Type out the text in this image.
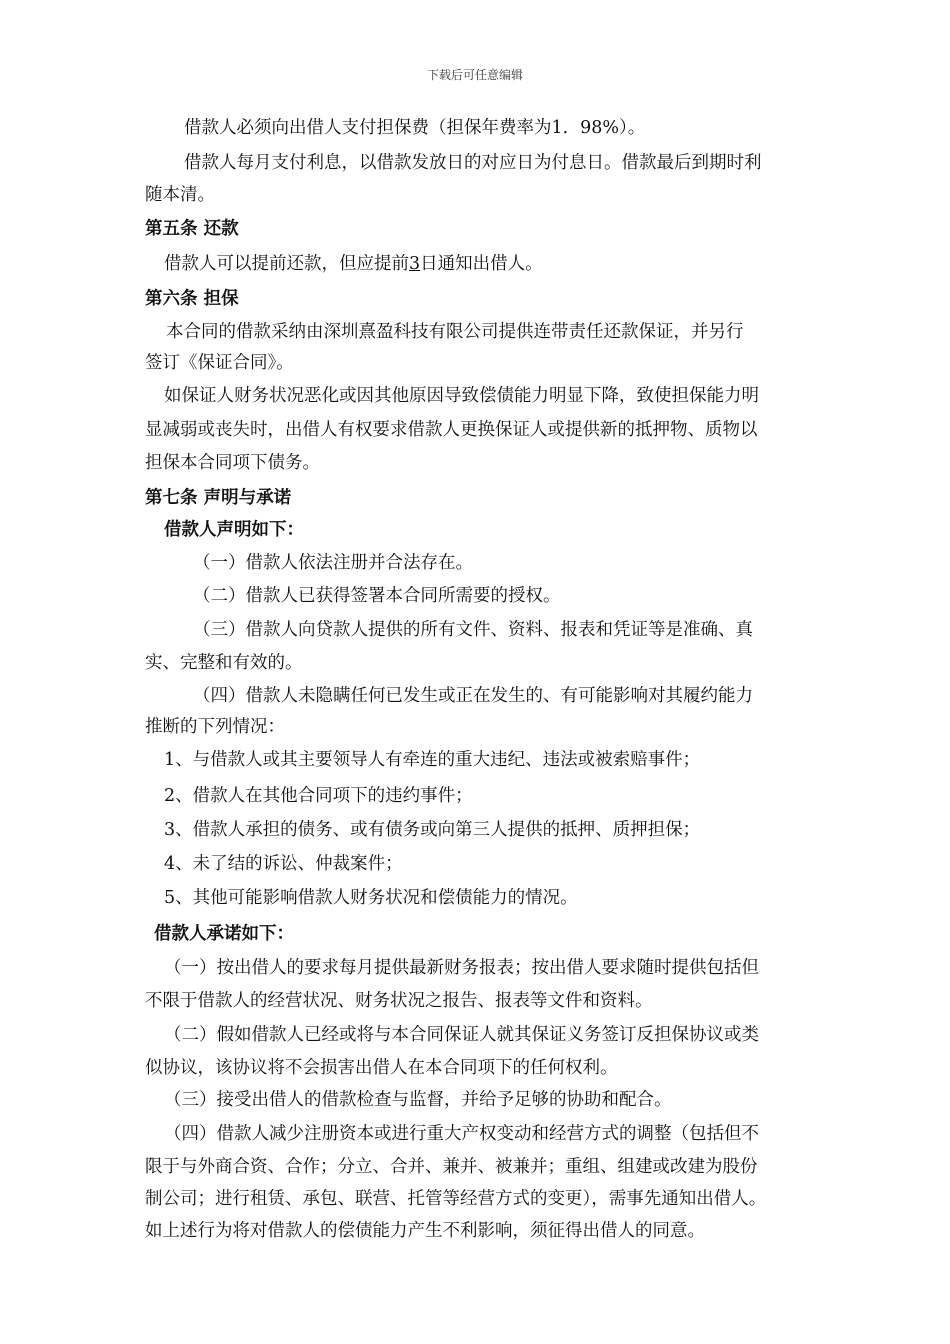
下载后可任意编辑
借款人必须向出借人支付担保费（担保年费率为1．98%）。
借款人每月支付利息，以借款发放日的对应日为付息日。借款最后到期时利
随本清。
第五条 还款
借款人可以提前还款，但应提前3日通知出借人。
第六条 担保
本合同的借款采纳由深圳熹盈科技有限公司提供连带责任还款保证，并另行
签订《保证合同》。
如保证人财务状况恶化或因其他原因导致偿债能力明显下降，致使担保能力明
显减弱或丧失时，出借人有权要求借款人更换保证人或提供新的抵押物、质物以
担保本合同项下债务。
第七条 声明与承诺
借款人声明如下：
（一）借款人依法注册并合法存在。
（二）借款人已获得签署本合同所需要的授权。
（三）借款人向贷款人提供的所有文件、资料、报表和凭证等是准确、真
实、完整和有效的。
（四）借款人未隐瞒任何已发生或正在发生的、有可能影响对其履约能力
推断的下列情况：
1、与借款人或其主要领导人有牵连的重大违纪、违法或被索赔事件；
2、借款人在其他合同项下的违约事件；
3、借款人承担的债务、或有债务或向第三人提供的抵押、质押担保；
4、未了结的诉讼、仲裁案件；
5、其他可能影响借款人财务状况和偿债能力的情况。
借款人承诺如下：
（一）按出借人的要求每月提供最新财务报表；按出借人要求随时提供包括但
不限于借款人的经营状况、财务状况之报告、报表等文件和资料。
（二）假如借款人已经或将与本合同保证人就其保证义务签订反担保协议或类
似协议，该协议将不会损害出借人在本合同项下的任何权利。
（三）接受出借人的借款检查与监督，并给予足够的协助和配合。
（四）借款人减少注册资本或进行重大产权变动和经营方式的调整（包括但不
限于与外商合资、合作；分立、合并、兼并、被兼并；重组、组建或改建为股份
制公司；进行租赁、承包、联营、托管等经营方式的变更），需事先通知出借人。
如上述行为将对借款人的偿债能力产生不利影响，须征得出借人的同意。
